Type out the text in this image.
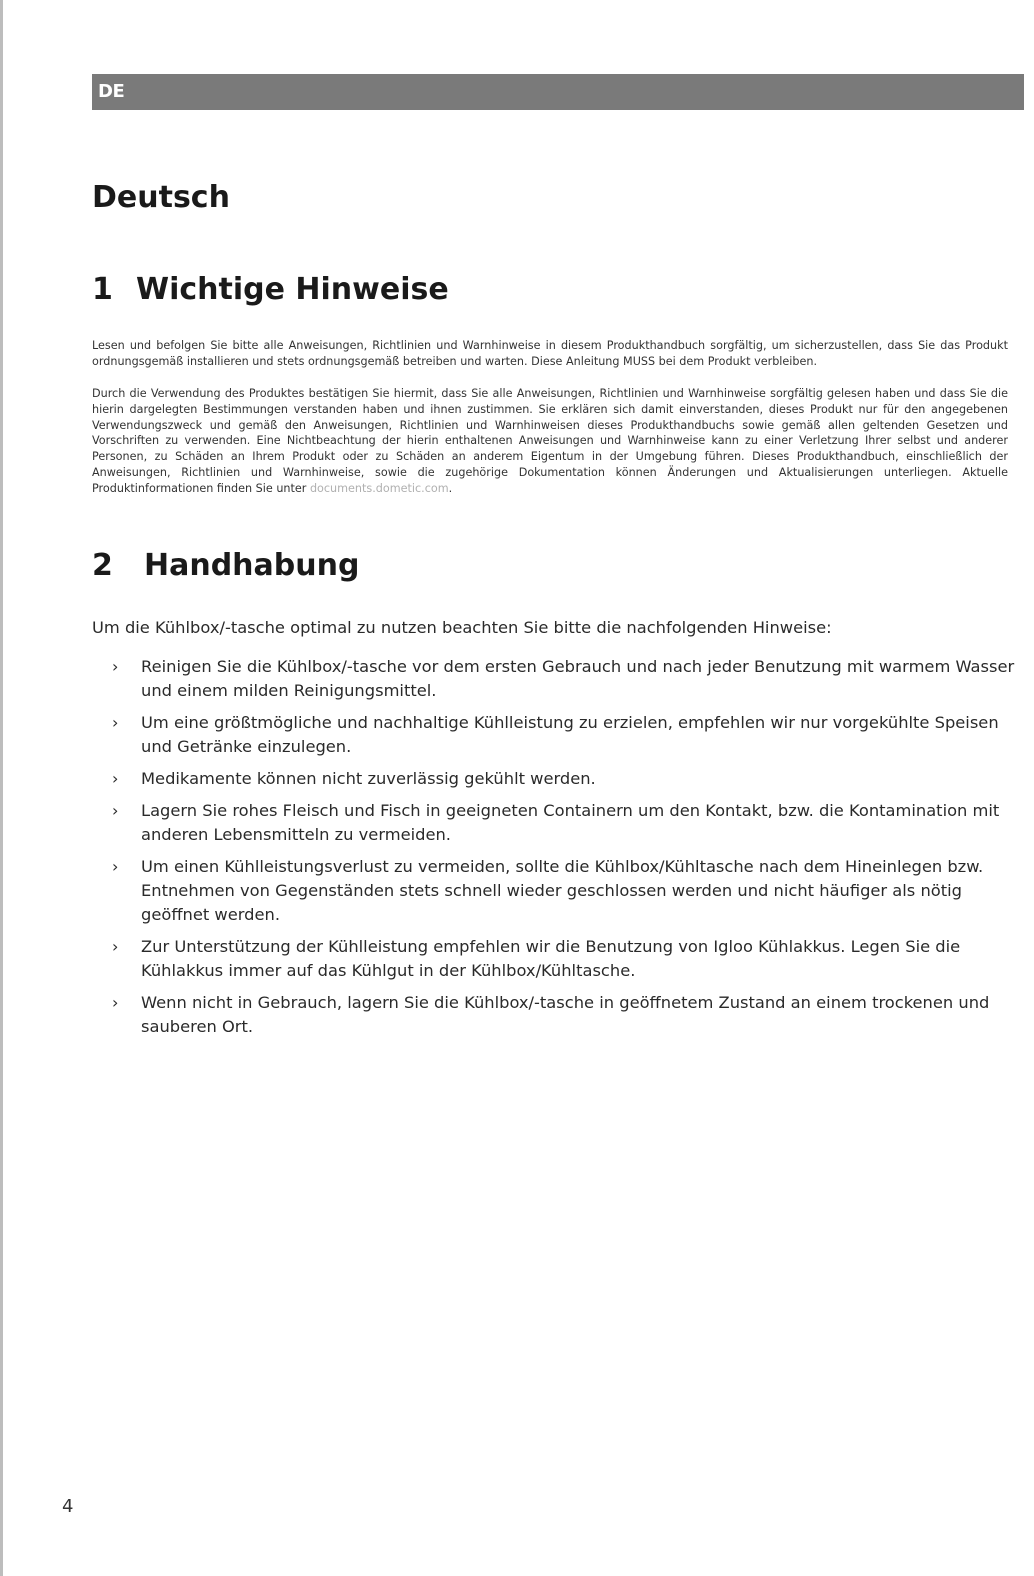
DE
Deutsch
1 Wichtige Hinweise

Lesen und befolgen Sie bitte alle Anweisungen, Richtlinien und Warnhinweise in diesem Produkthandbuch sorgfältig, um sicherzustellen, dass Sie das Produkt ordnungsgemäß installieren und stets ordnungsgemäß betreiben und warten. Diese Anleitung MUSS bei dem Produkt verbleiben.

Durch die Verwendung des Produktes bestätigen Sie hiermit, dass Sie alle Anweisungen, Richtlinien und Warnhinweise sorgfältig gelesen haben und dass Sie die hierin dargelegten Bestimmungen verstanden haben und ihnen zustimmen. Sie erklären sich damit einverstanden, dieses Produkt nur für den angegebenen Verwendungszweck und gemäß den Anweisungen, Richtlinien und Warnhinweisen dieses Produkthandbuchs sowie gemäß allen geltenden Gesetzen und Vorschriften zu verwenden. Eine Nichtbeachtung der hierin enthaltenen Anweisungen und Warnhinweise kann zu einer Verletzung Ihrer selbst und anderer Personen, zu Schäden an Ihrem Produkt oder zu Schäden an anderem Eigentum in der Umgebung führen. Dieses Produkthandbuch, einschließlich der Anweisungen, Richtlinien und Warnhinweise, sowie die zugehörige Dokumentation können Änderungen und Aktualisierungen unterliegen. Aktuelle Produktinformationen finden Sie unter documents.dometic.com.

2 Handhabung

Um die Kühlbox/-tasche optimal zu nutzen beachten Sie bitte die nachfolgenden Hinweise:

› Reinigen Sie die Kühlbox/-tasche vor dem ersten Gebrauch und nach jeder Benutzung mit warmem Wasser und einem milden Reinigungsmittel.
› Um eine größtmögliche und nachhaltige Kühlleistung zu erzielen, empfehlen wir nur vorgekühlte Speisen und Getränke einzulegen.
› Medikamente können nicht zuverlässig gekühlt werden.
› Lagern Sie rohes Fleisch und Fisch in geeigneten Containern um den Kontakt, bzw. die Kontamination mit anderen Lebensmitteln zu vermeiden.
› Um einen Kühlleistungsverlust zu vermeiden, sollte die Kühlbox/Kühltasche nach dem Hineinlegen bzw. Entnehmen von Gegenständen stets schnell wieder geschlossen werden und nicht häufiger als nötig geöffnet werden.
› Zur Unterstützung der Kühlleistung empfehlen wir die Benutzung von Igloo Kühlakkus. Legen Sie die Kühlakkus immer auf das Kühlgut in der Kühlbox/Kühltasche.
› Wenn nicht in Gebrauch, lagern Sie die Kühlbox/-tasche in geöffnetem Zustand an einem trockenen und sauberen Ort.
4
